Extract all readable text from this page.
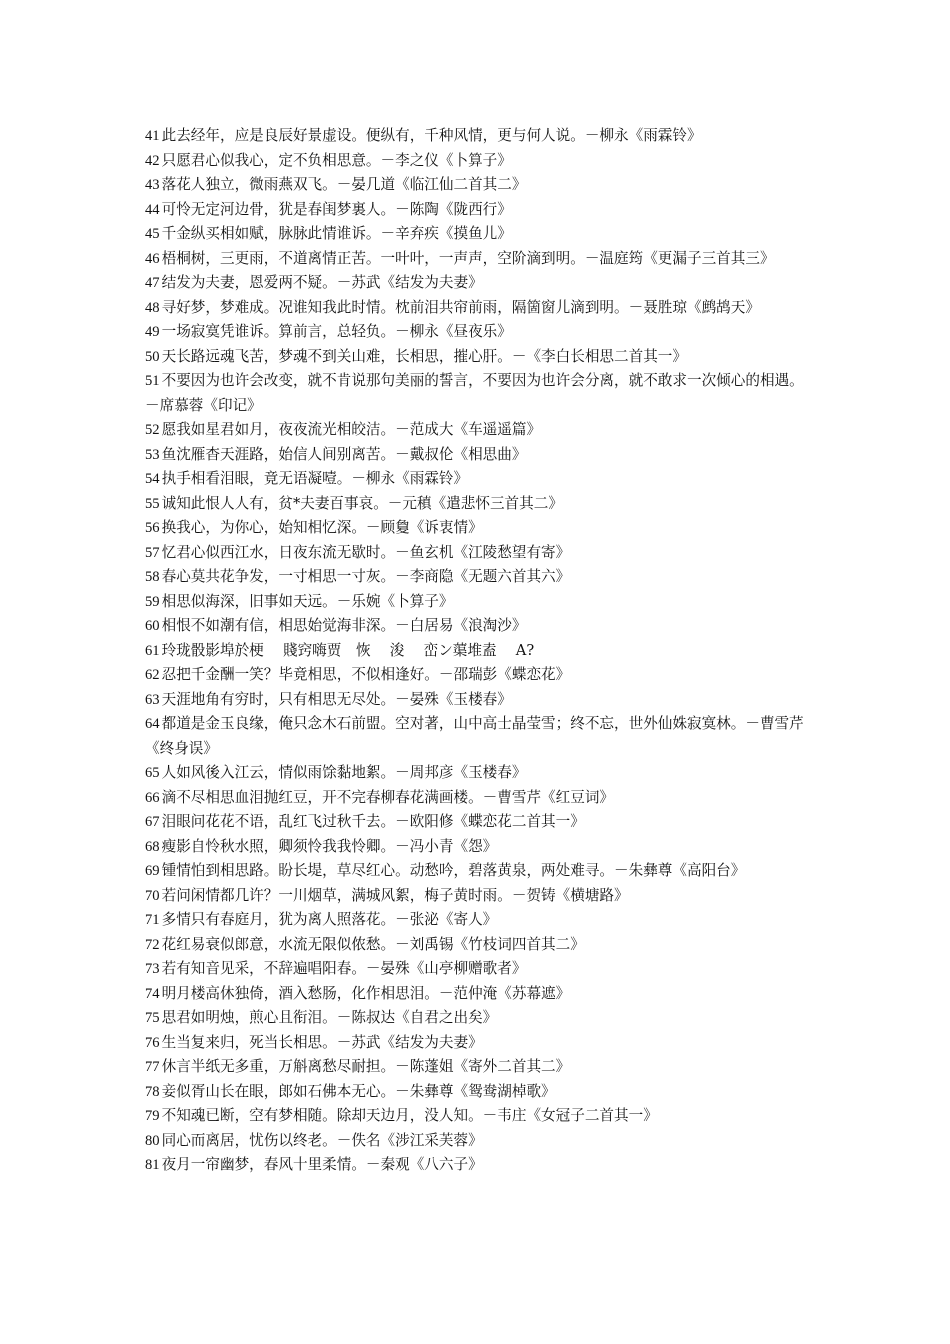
41 此去经年，应是良辰好景虚设。便纵有，千种风情，更与何人说。－柳永《雨霖铃》

42 只愿君心似我心，定不负相思意。－李之仪《卜算子》

43 落花人独立，微雨燕双飞。－晏几道《临江仙二首其二》

44 可怜无定河边骨，犹是春闺梦裏人。－陈陶《陇西行》

45 千金纵买相如赋，脉脉此情谁诉。－辛弃疾《摸鱼儿》

46 梧桐树，三更雨，不道离情正苦。一叶叶，一声声，空阶滴到明。－温庭筠《更漏子三首其三》

47 结发为夫妻，恩爱两不疑。－苏武《结发为夫妻》

48 寻好梦，梦难成。况谁知我此时情。枕前泪共帘前雨，隔箇窗儿滴到明。－聂胜琼《鹧鸪天》

49 一场寂寞凭谁诉。算前言，总轻负。－柳永《昼夜乐》

50 天长路远魂飞苦，梦魂不到关山难，长相思，摧心肝。－《李白长相思二首其一》

51 不要因为也许会改变，就不肯说那句美丽的誓言，不要因为也许会分离，就不敢求一次倾心的相遇。－席慕蓉《印记》

52 愿我如星君如月，夜夜流光相皎洁。－范成大《车遥遥篇》

53 鱼沈雁杳天涯路，始信人间别离苦。－戴叔伦《相思曲》

54 执手相看泪眼，竟无语凝噎。－柳永《雨霖铃》

55 诚知此恨人人有，贫*夫妻百事哀。－元稹《遣悲怀三首其二》

56 换我心，为你心，始知相忆深。－顾敻《诉衷情》

57 忆君心似西江水，日夜东流无歇时。－鱼玄机《江陵愁望有寄》

58 春心莫共花争发，一寸相思一寸灰。－李商隐《无题六首其六》

59 相思似海深，旧事如天远。－乐婉《卜算子》

60 相恨不如潮有信，相思始觉海非深。－白居易《浪淘沙》

61 玲珑骰影埠於梗　 賤窍嗨贾　恢　 浚　 峦ン蕖堆盍　 A?

62 忍把千金酬一笑？毕竟相思，不似相逢好。－邵瑞彭《蝶恋花》

63 天涯地角有穷时，只有相思无尽处。－晏殊《玉楼春》

64 都道是金玉良缘，俺只念木石前盟。空对著，山中高士晶莹雪；终不忘，世外仙姝寂寞林。－曹雪芹《终身误》

65 人如风後入江云，情似雨馀黏地絮。－周邦彦《玉楼春》

66 滴不尽相思血泪抛红豆，开不完春柳春花满画楼。－曹雪芹《红豆词》

67 泪眼问花花不语，乱红飞过秋千去。－欧阳修《蝶恋花二首其一》

68 瘦影自怜秋水照，卿须怜我我怜卿。－冯小青《怨》

69 锺情怕到相思路。盼长堤，草尽红心。动愁吟，碧落黄泉，两处难寻。－朱彝尊《高阳台》

70 若问闲情都几许？一川烟草，满城风絮，梅子黄时雨。－贺铸《横塘路》

71 多情只有春庭月，犹为离人照落花。－张泌《寄人》

72 花红易衰似郎意，水流无限似侬愁。－刘禹锡《竹枝词四首其二》

73 若有知音见采，不辞遍唱阳春。－晏殊《山亭柳赠歌者》

74 明月楼高休独倚，酒入愁肠，化作相思泪。－范仲淹《苏幕遮》

75 思君如明烛，煎心且衔泪。－陈叔达《自君之出矣》

76 生当复来归，死当长相思。－苏武《结发为夫妻》

77 休言半纸无多重，万斛离愁尽耐担。－陈蓬姐《寄外二首其二》

78 妾似胥山长在眼，郎如石佛本无心。－朱彝尊《鸳鸯湖棹歌》

79 不知魂已断，空有梦相随。除却天边月，没人知。－韦庄《女冠子二首其一》

80 同心而离居，忧伤以终老。－佚名《涉江采芙蓉》

81 夜月一帘幽梦，春风十里柔情。－秦观《八六子》
